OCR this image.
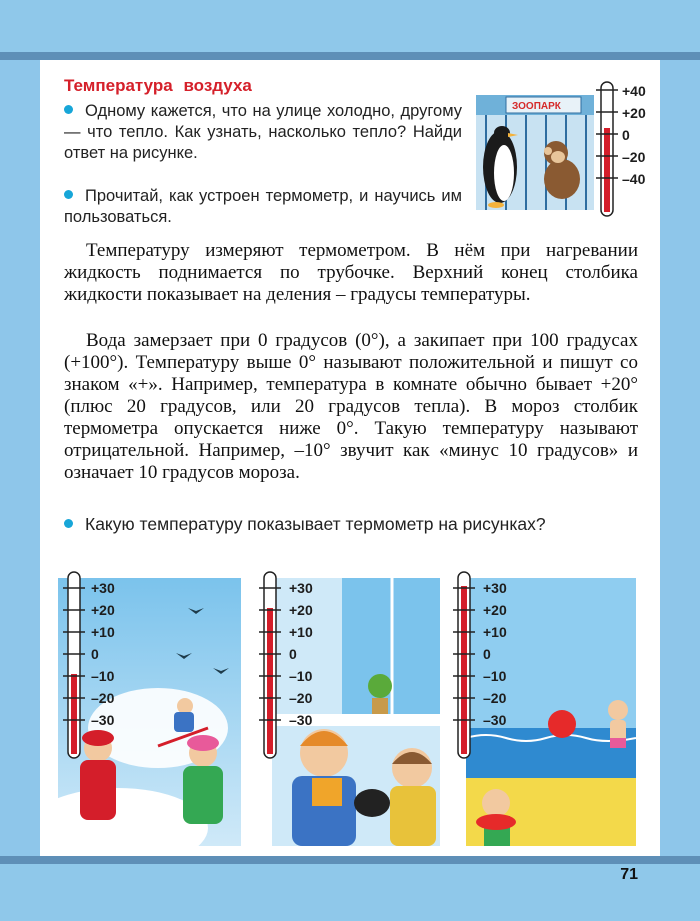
Температура воздуха

Одному кажется, что на улице холодно, другому — что тепло. Как узнать, насколько тепло? Найди ответ на рисунке.

Прочитай, как устроен термометр, и научись им пользоваться.

ЗООПАРК
+40
+20
0
–20
–40

Температуру измеряют термометром. В нём при нагревании жидкость поднимается по трубочке. Верхний конец столбика жидкости показывает на деления – градусы температуры.

Вода замерзает при 0 градусов (0°), а закипает при 100 градусах (+100°). Температуру выше 0° называют положительной и пишут со знаком «+». Например, температура в комнате обычно бывает +20° (плюс 20 градусов, или 20 градусов тепла). В мороз столбик термометра опускается ниже 0°. Такую температуру называют отрицательной. Например, –10° звучит как «минус 10 градусов» и означает 10 градусов мороза.

Какую температуру показывает термометр на рисунках?

+30
+20
+10
0
–10
–20
–30
+30
+20
+10
0
–10
–20
–30
+30
+20
+10
0
–10
–20
–30
71
